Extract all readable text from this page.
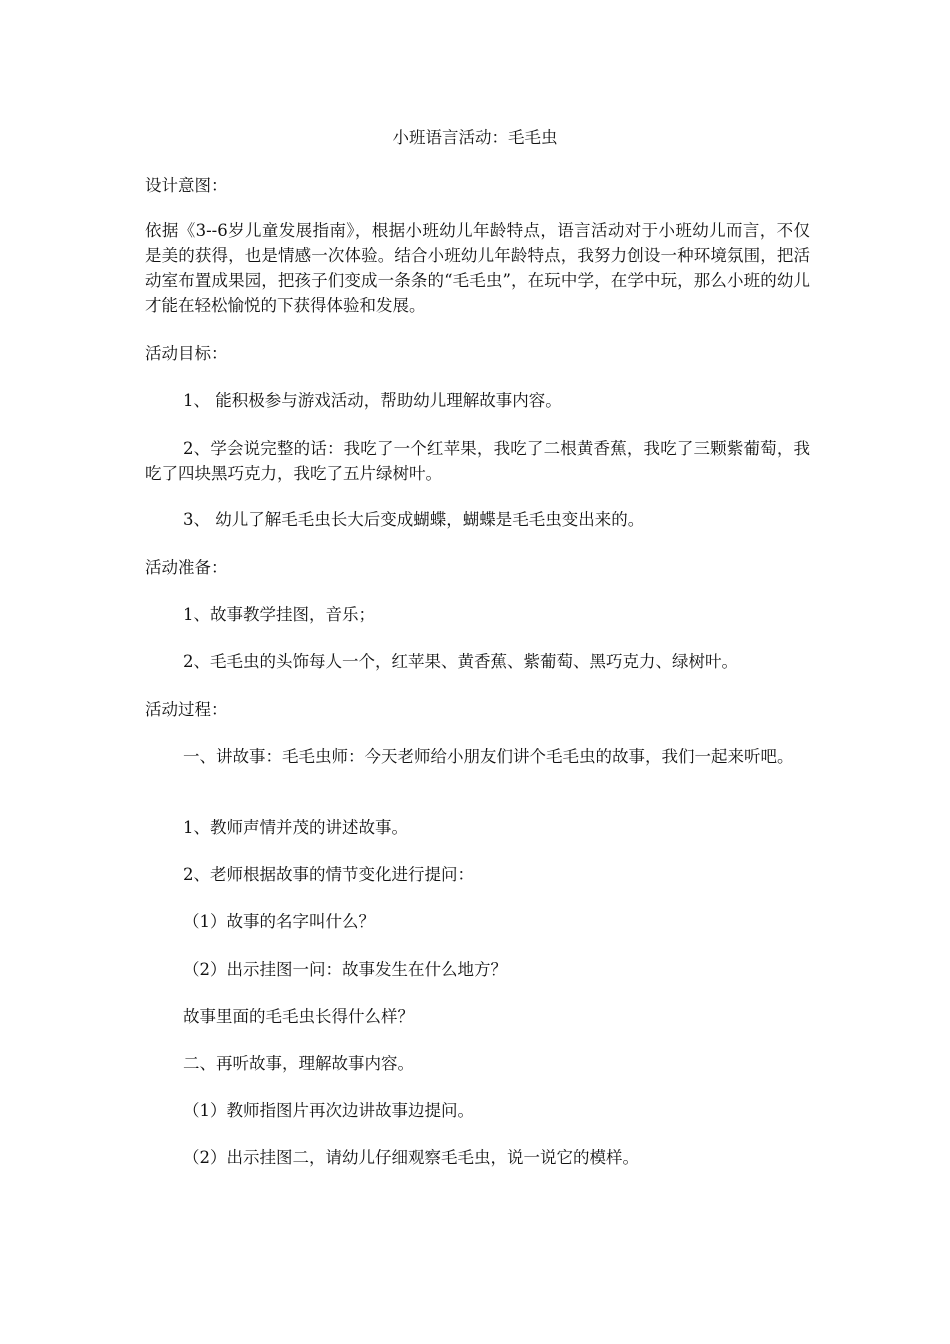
小班语言活动：毛毛虫
设计意图：
依据《3--6岁儿童发展指南》，根据小班幼儿年龄特点，语言活动对于小班幼儿而言，不仅是美的获得，也是情感一次体验。结合小班幼儿年龄特点，我努力创设一种环境氛围，把活动室布置成果园，把孩子们变成一条条的“毛毛虫”，在玩中学，在学中玩，那么小班的幼儿才能在轻松愉悦的下获得体验和发展。
活动目标：
1、 能积极参与游戏活动，帮助幼儿理解故事内容。
2、学会说完整的话：我吃了一个红苹果，我吃了二根黄香蕉，我吃了三颗紫葡萄，我吃了四块黑巧克力，我吃了五片绿树叶。
3、 幼儿了解毛毛虫长大后变成蝴蝶，蝴蝶是毛毛虫变出来的。
活动准备：
1、故事教学挂图，音乐；
2、毛毛虫的头饰每人一个，红苹果、黄香蕉、紫葡萄、黑巧克力、绿树叶。
活动过程：
一、讲故事：毛毛虫师：今天老师给小朋友们讲个毛毛虫的故事，我们一起来听吧。
1、教师声情并茂的讲述故事。
2、老师根据故事的情节变化进行提问：
（1）故事的名字叫什么？
（2）出示挂图一问：故事发生在什么地方？
故事里面的毛毛虫长得什么样？
二、再听故事，理解故事内容。
（1）教师指图片再次边讲故事边提问。
（2）出示挂图二，请幼儿仔细观察毛毛虫，说一说它的模样。
